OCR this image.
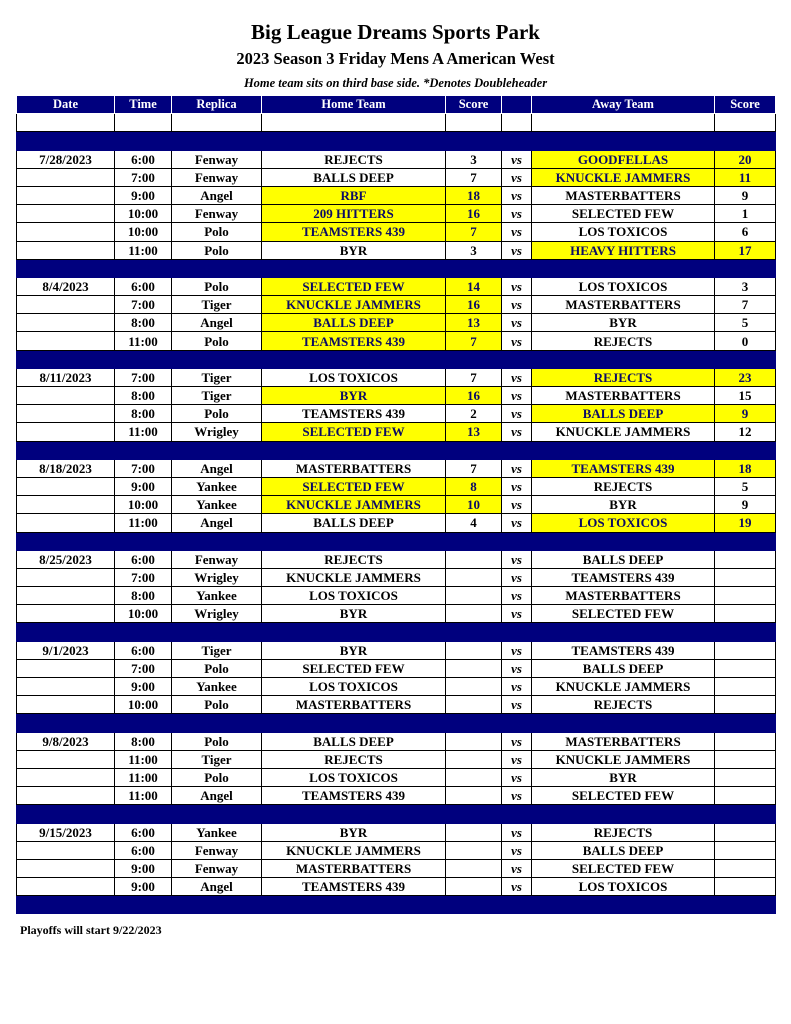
Big League Dreams Sports Park
2023 Season 3 Friday Mens A American West
Home team sits on third base side. *Denotes Doubleheader
Date	Time	Replica	Home Team	Score		Away Team	Score

7/28/2023	6:00	Fenway	REJECTS	3	vs	GOODFELLAS	20
	7:00	Fenway	BALLS DEEP	7	vs	KNUCKLE JAMMERS	11
	9:00	Angel	RBF	18	vs	MASTERBATTERS	9
	10:00	Fenway	209 HITTERS	16	vs	SELECTED FEW	1
	10:00	Polo	TEAMSTERS 439	7	vs	LOS TOXICOS	6
	11:00	Polo	BYR	3	vs	HEAVY HITTERS	17

8/4/2023	6:00	Polo	SELECTED FEW	14	vs	LOS TOXICOS	3
	7:00	Tiger	KNUCKLE JAMMERS	16	vs	MASTERBATTERS	7
	8:00	Angel	BALLS DEEP	13	vs	BYR	5
	11:00	Polo	TEAMSTERS 439	7	vs	REJECTS	0

8/11/2023	7:00	Tiger	LOS TOXICOS	7	vs	REJECTS	23
	8:00	Tiger	BYR	16	vs	MASTERBATTERS	15
	8:00	Polo	TEAMSTERS 439	2	vs	BALLS DEEP	9
	11:00	Wrigley	SELECTED FEW	13	vs	KNUCKLE JAMMERS	12

8/18/2023	7:00	Angel	MASTERBATTERS	7	vs	TEAMSTERS 439	18
	9:00	Yankee	SELECTED FEW	8	vs	REJECTS	5
	10:00	Yankee	KNUCKLE JAMMERS	10	vs	BYR	9
	11:00	Angel	BALLS DEEP	4	vs	LOS TOXICOS	19

8/25/2023	6:00	Fenway	REJECTS		vs	BALLS DEEP	
	7:00	Wrigley	KNUCKLE JAMMERS		vs	TEAMSTERS 439	
	8:00	Yankee	LOS TOXICOS		vs	MASTERBATTERS	
	10:00	Wrigley	BYR		vs	SELECTED FEW	

9/1/2023	6:00	Tiger	BYR		vs	TEAMSTERS 439	
	7:00	Polo	SELECTED FEW		vs	BALLS DEEP	
	9:00	Yankee	LOS TOXICOS		vs	KNUCKLE JAMMERS	
	10:00	Polo	MASTERBATTERS		vs	REJECTS	

9/8/2023	8:00	Polo	BALLS DEEP		vs	MASTERBATTERS	
	11:00	Tiger	REJECTS		vs	KNUCKLE JAMMERS	
	11:00	Polo	LOS TOXICOS		vs	BYR	
	11:00	Angel	TEAMSTERS 439		vs	SELECTED FEW	

9/15/2023	6:00	Yankee	BYR		vs	REJECTS	
	6:00	Fenway	KNUCKLE JAMMERS		vs	BALLS DEEP	
	9:00	Fenway	MASTERBATTERS		vs	SELECTED FEW	
	9:00	Angel	TEAMSTERS 439		vs	LOS TOXICOS	

Playoffs will start 9/22/2023
